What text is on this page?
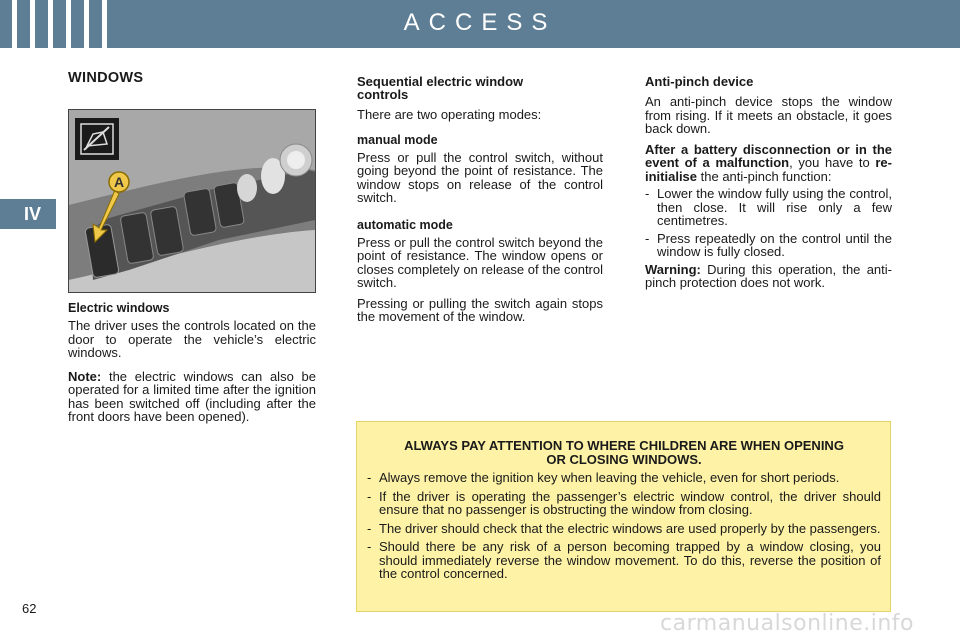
ACCESS
IV
WINDOWS
A
Electric windows
The driver uses the controls located on the door to operate the vehicle’s electric windows.
Note: the electric windows can also be operated for a limited time after the ignition has been switched off (including after the front doors have been opened).
Sequential electric window controls
There are two operating modes:
manual mode
Press or pull the control switch, without going beyond the point of resistance. The window stops on release of the control switch.
automatic mode
Press or pull the control switch beyond the point of resistance. The window opens or closes completely on release of the control switch.
Pressing or pulling the switch again stops the movement of the window.
Anti-pinch device
An anti-pinch device stops the window from rising. If it meets an obstacle, it goes back down.
After a battery disconnection or in the event of a malfunction, you have to re-initialise the anti-pinch function:
- Lower the window fully using the control, then close. It will rise only a few centimetres.
- Press repeatedly on the control until the window is fully closed.
Warning: During this operation, the anti-pinch protection does not work.
ALWAYS PAY ATTENTION TO WHERE CHILDREN ARE WHEN OPENING OR CLOSING WINDOWS.
- Always remove the ignition key when leaving the vehicle, even for short periods.
- If the driver is operating the passenger’s electric window control, the driver should ensure that no passenger is obstructing the window from closing.
- The driver should check that the electric windows are used properly by the passengers.
- Should there be any risk of a person becoming trapped by a window closing, you should immediately reverse the window movement. To do this, reverse the position of the control concerned.
62
carmanualsonline.info
